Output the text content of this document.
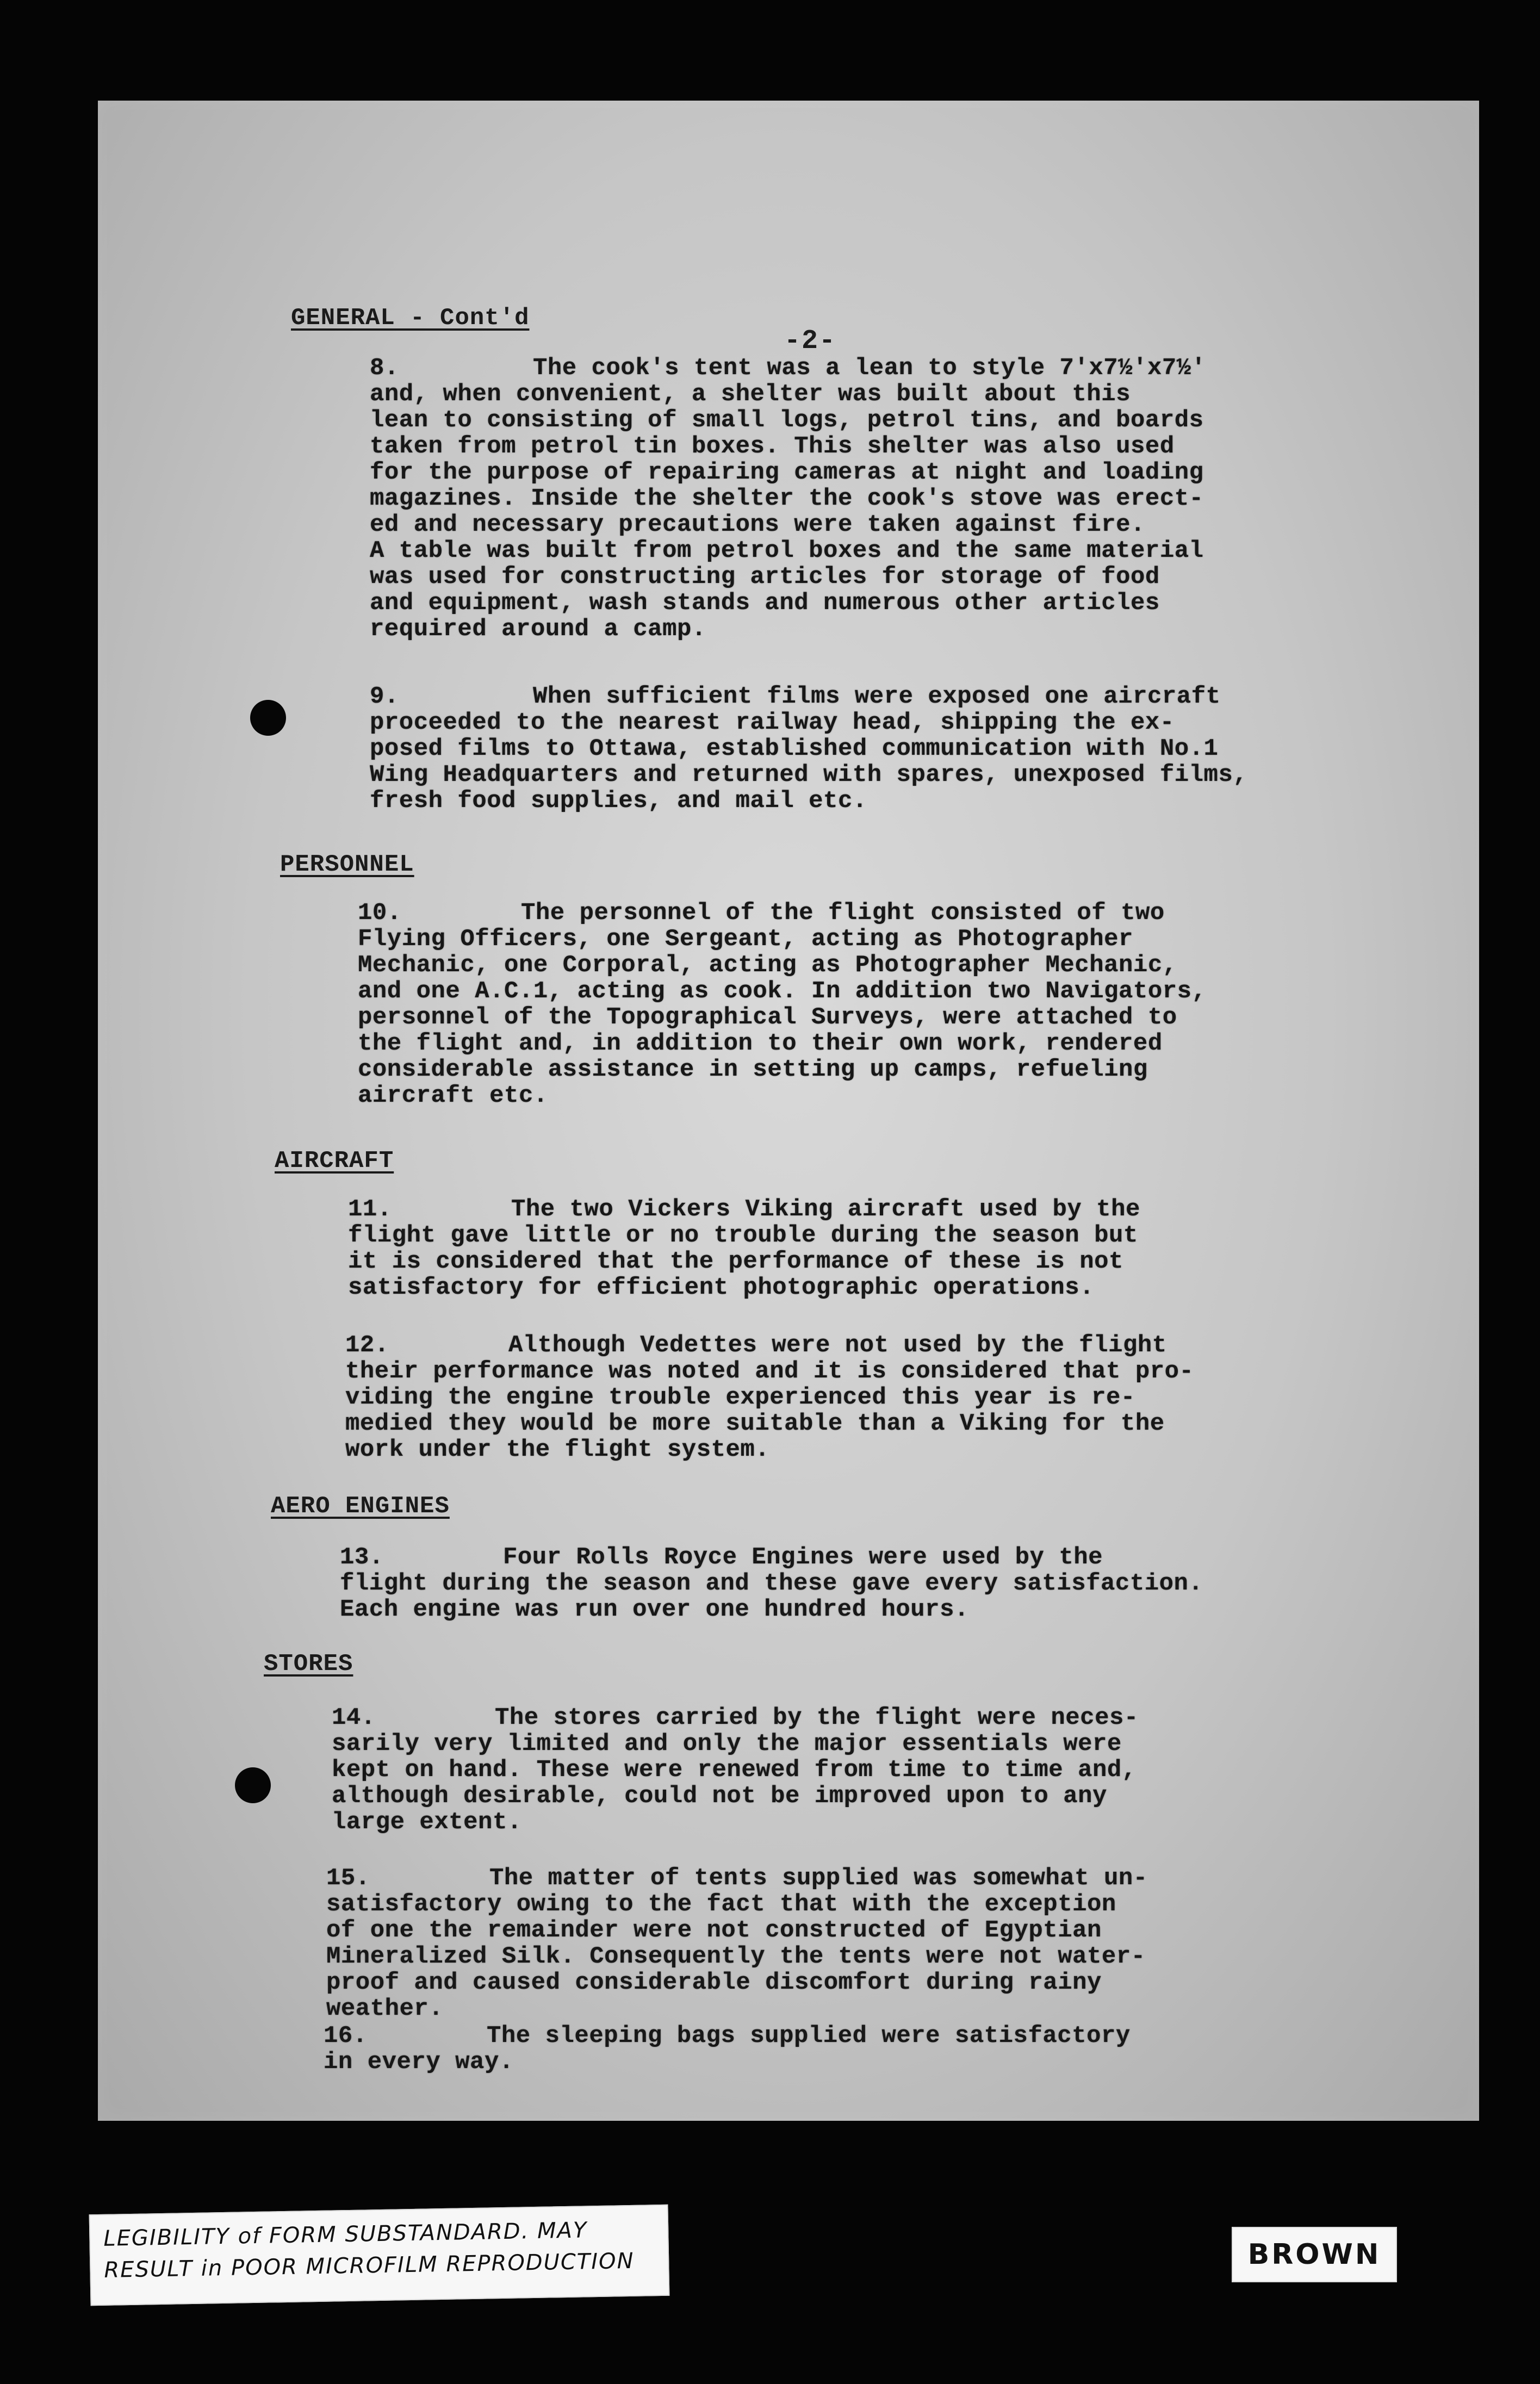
-2-
GENERAL - Cont'd
8.	The cook's tent was a lean to style 7'x7½'x7½'
and, when convenient, a shelter was built about this
lean to consisting of small logs, petrol tins, and boards
taken from petrol tin boxes. This shelter was also used
for the purpose of repairing cameras at night and loading
magazines. Inside the shelter the cook's stove was erect-
ed and necessary precautions were taken against fire.
A table was built from petrol boxes and the same material
was used for constructing articles for storage of food
and equipment, wash stands and numerous other articles
required around a camp.
9.	When sufficient films were exposed one aircraft
proceeded to the nearest railway head, shipping the ex-
posed films to Ottawa, established communication with No.1
Wing Headquarters and returned with spares, unexposed films,
fresh food supplies, and mail etc.
PERSONNEL
10.	The personnel of the flight consisted of two
Flying Officers, one Sergeant, acting as Photographer
Mechanic, one Corporal, acting as Photographer Mechanic,
and one A.C.1, acting as cook. In addition two Navigators,
personnel of the Topographical Surveys, were attached to
the flight and, in addition to their own work, rendered
considerable assistance in setting up camps, refueling
aircraft etc.
AIRCRAFT
11.	The two Vickers Viking aircraft used by the
flight gave little or no trouble during the season but
it is considered that the performance of these is not
satisfactory for efficient photographic operations.
12.	Although Vedettes were not used by the flight
their performance was noted and it is considered that pro-
viding the engine trouble experienced this year is re-
medied they would be more suitable than a Viking for the
work under the flight system.
AERO ENGINES
13.	Four Rolls Royce Engines were used by the
flight during the season and these gave every satisfaction.
Each engine was run over one hundred hours.
STORES
14.	The stores carried by the flight were neces-
sarily very limited and only the major essentials were
kept on hand. These were renewed from time to time and,
although desirable, could not be improved upon to any
large extent.
15.	The matter of tents supplied was somewhat un-
satisfactory owing to the fact that with the exception
of one the remainder were not constructed of Egyptian
Mineralized Silk. Consequently the tents were not water-
proof and caused considerable discomfort during rainy
weather.
16.	The sleeping bags supplied were satisfactory
in every way.
LEGIBILITY of FORM SUBSTANDARD. MAY
RESULT in POOR MICROFILM REPRODUCTION	BROWN
